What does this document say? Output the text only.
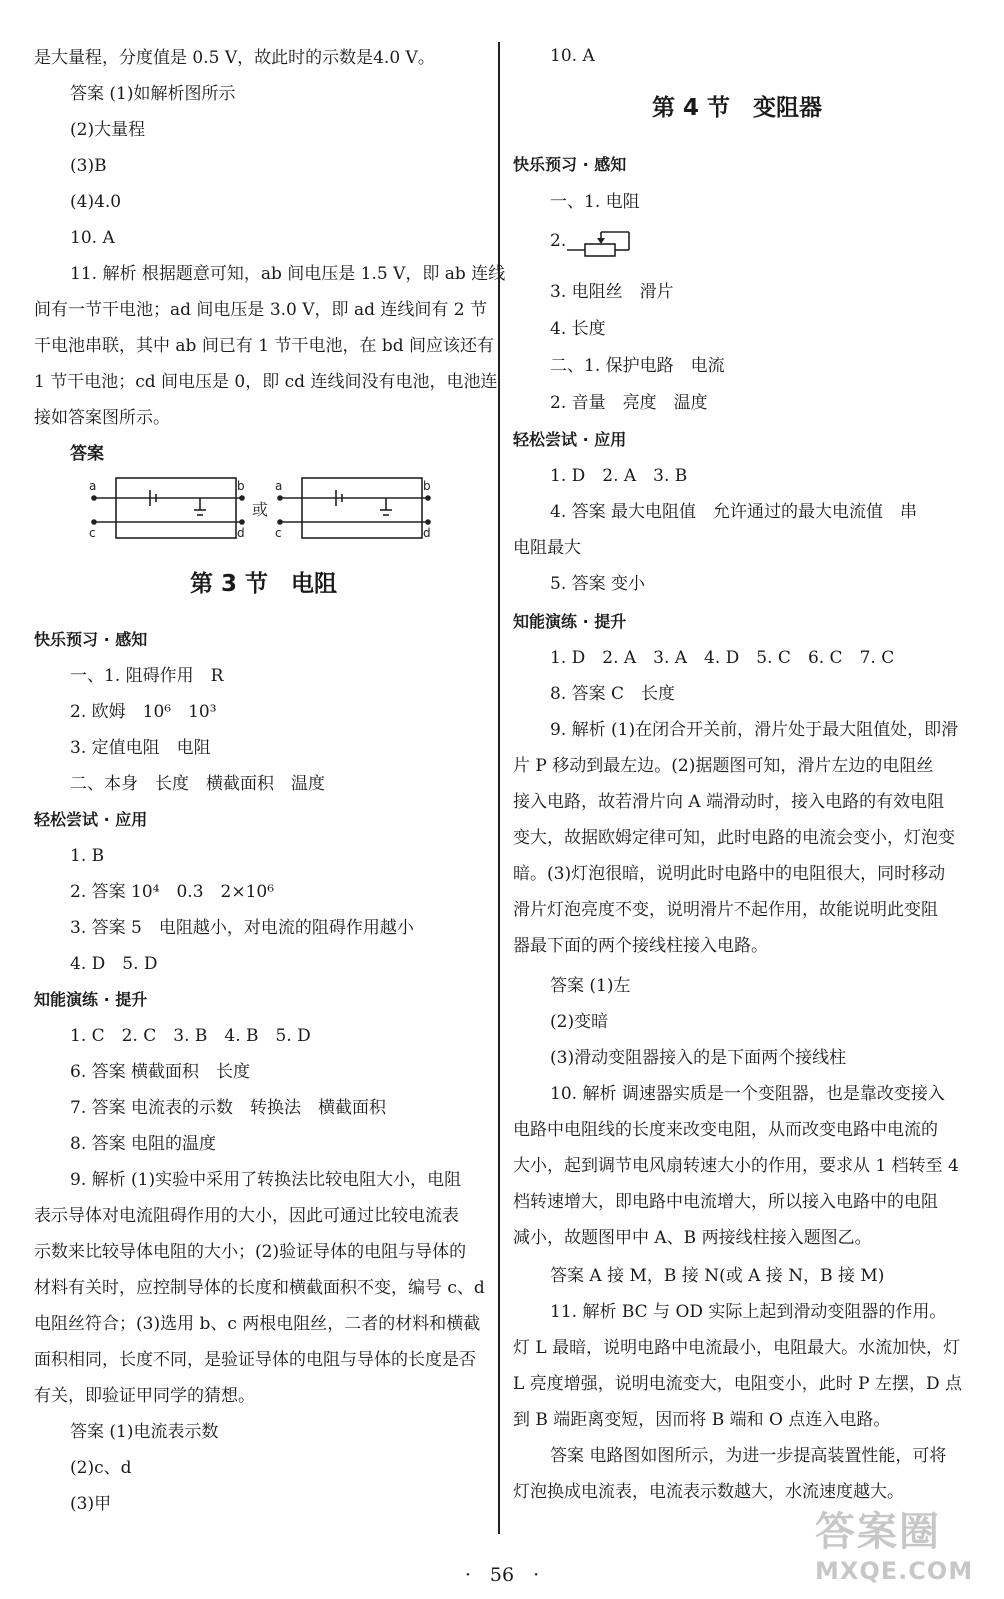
是大量程，分度值是 0.5 V，故此时的示数是4.0 V。
答案 (1)如解析图所示
(2)大量程
(3)B
(4)4.0
10. A
11. 解析 根据题意可知，ab 间电压是 1.5 V，即 ab 连线
间有一节干电池；ad 间电压是 3.0 V，即 ad 连线间有 2 节
干电池串联，其中 ab 间已有 1 节干电池，在 bd 间应该还有
1 节干电池；cd 间电压是 0，即 cd 连线间没有电池，电池连
接如答案图所示。
答案
a	b
c	d
a	b
c	d
或
第 3 节　电阻
快乐预习 · 感知
一、1. 阻碍作用　R
2. 欧姆　10⁶　10³
3. 定值电阻　电阻
二、本身　长度　横截面积　温度
轻松尝试 · 应用
1. B
2. 答案 10⁴　0.3　2×10⁶
3. 答案 5　电阻越小，对电流的阻碍作用越小
4. D　5. D
知能演练 · 提升
1. C　2. C　3. B　4. B　5. D
6. 答案 横截面积　长度
7. 答案 电流表的示数　转换法　横截面积
8. 答案 电阻的温度
9. 解析 (1)实验中采用了转换法比较电阻大小，电阻
表示导体对电流阻碍作用的大小，因此可通过比较电流表
示数来比较导体电阻的大小；(2)验证导体的电阻与导体的
材料有关时，应控制导体的长度和横截面积不变，编号 c、d
电阻丝符合；(3)选用 b、c 两根电阻丝，二者的材料和横截
面积相同，长度不同，是验证导体的电阻与导体的长度是否
有关，即验证甲同学的猜想。
答案 (1)电流表示数
(2)c、d
(3)甲
10. A
第 4 节　变阻器
快乐预习 · 感知
一、1. 电阻
2.
3. 电阻丝　滑片
4. 长度
二、1. 保护电路　电流
2. 音量　亮度　温度
轻松尝试 · 应用
1. D　2. A　3. B
4. 答案 最大电阻值　允许通过的最大电流值　串
电阻最大
5. 答案 变小
知能演练 · 提升
1. D　2. A　3. A　4. D　5. C　6. C　7. C
8. 答案 C　长度
9. 解析 (1)在闭合开关前，滑片处于最大阻值处，即滑
片 P 移动到最左边。(2)据题图可知，滑片左边的电阻丝
接入电路，故若滑片向 A 端滑动时，接入电路的有效电阻
变大，故据欧姆定律可知，此时电路的电流会变小，灯泡变
暗。(3)灯泡很暗，说明此时电路中的电阻很大，同时移动
滑片灯泡亮度不变，说明滑片不起作用，故能说明此变阻
器最下面的两个接线柱接入电路。
答案 (1)左
(2)变暗
(3)滑动变阻器接入的是下面两个接线柱
10. 解析 调速器实质是一个变阻器，也是靠改变接入
电路中电阻线的长度来改变电阻，从而改变电路中电流的
大小，起到调节电风扇转速大小的作用，要求从 1 档转至 4
档转速增大，即电路中电流增大，所以接入电路中的电阻
减小，故题图甲中 A、B 两接线柱接入题图乙。
答案 A 接 M，B 接 N(或 A 接 N，B 接 M)
11. 解析 BC 与 OD 实际上起到滑动变阻器的作用。
灯 L 最暗，说明电路中电流最小，电阻最大。水流加快，灯
L 亮度增强，说明电流变大，电阻变小，此时 P 左摆，D 点
到 B 端距离变短，因而将 B 端和 O 点连入电路。
答案 电路图如图所示，为进一步提高装置性能，可将
灯泡换成电流表，电流表示数越大，水流速度越大。
·　56　·
答案圈
MXQE.COM
